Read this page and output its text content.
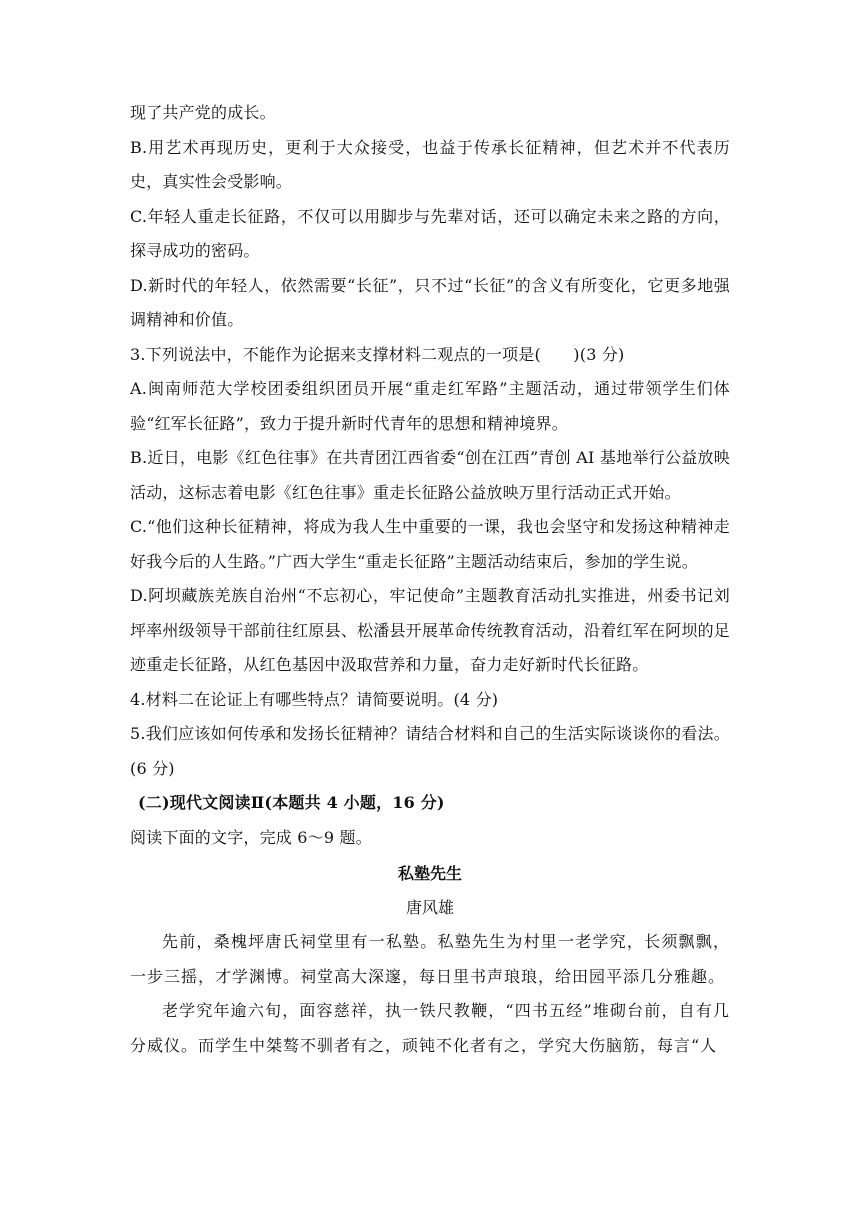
现了共产党的成长。

B.用艺术再现历史，更利于大众接受，也益于传承长征精神，但艺术并不代表历史，真实性会受影响。

C.年轻人重走长征路，不仅可以用脚步与先辈对话，还可以确定未来之路的方向，探寻成功的密码。

D.新时代的年轻人，依然需要“长征”，只不过“长征”的含义有所变化，它更多地强调精神和价值。

3.下列说法中，不能作为论据来支撑材料二观点的一项是(　　)(3 分)

A.闽南师范大学校团委组织团员开展“重走红军路”主题活动，通过带领学生们体验“红军长征路”，致力于提升新时代青年的思想和精神境界。

B.近日，电影《红色往事》在共青团江西省委“创在江西”青创 AI 基地举行公益放映活动，这标志着电影《红色往事》重走长征路公益放映万里行活动正式开始。

C.“他们这种长征精神，将成为我人生中重要的一课，我也会坚守和发扬这种精神走好我今后的人生路。”广西大学生“重走长征路”主题活动结束后，参加的学生说。

D.阿坝藏族羌族自治州“不忘初心，牢记使命”主题教育活动扎实推进，州委书记刘坪率州级领导干部前往红原县、松潘县开展革命传统教育活动，沿着红军在阿坝的足迹重走长征路，从红色基因中汲取营养和力量，奋力走好新时代长征路。

4.材料二在论证上有哪些特点？请简要说明。(4 分)

5.我们应该如何传承和发扬长征精神？请结合材料和自己的生活实际谈谈你的看法。(6 分)

(二)现代文阅读Ⅱ(本题共 4 小题，16 分)

阅读下面的文字，完成 6～9 题。

私塾先生

唐风雄

先前，桑槐坪唐氏祠堂里有一私塾。私塾先生为村里一老学究，长须飘飘，一步三摇，才学渊博。祠堂高大深邃，每日里书声琅琅，给田园平添几分雅趣。

老学究年逾六旬，面容慈祥，执一铁尺教鞭，“四书五经”堆砌台前，自有几分威仪。而学生中桀骜不驯者有之，顽钝不化者有之，学究大伤脑筋，每言“人
